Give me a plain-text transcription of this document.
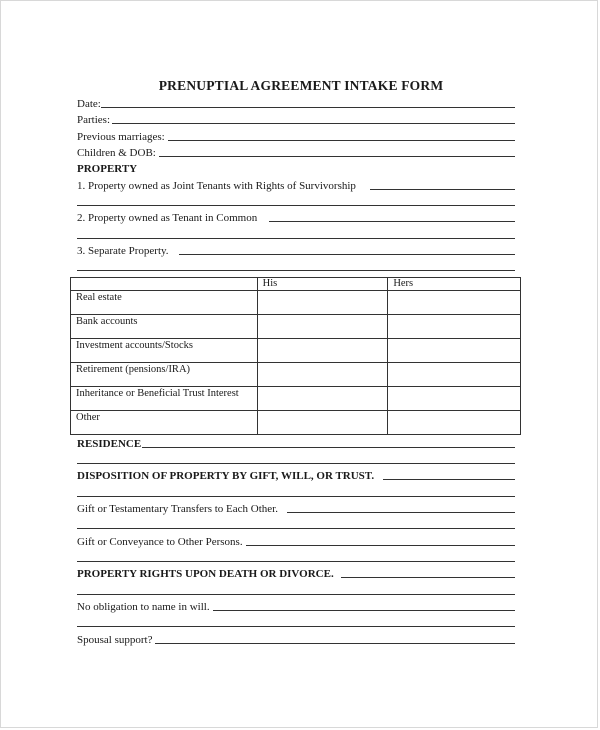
PRENUPTIAL AGREEMENT INTAKE FORM
Date:
Parties:
Previous marriages:
Children & DOB:
PROPERTY
1. Property owned as Joint Tenants with Rights of Survivorship
2. Property owned as Tenant in Common
3. Separate Property.
	His	Hers
Real estate		
Bank accounts		
Investment accounts/Stocks		
Retirement (pensions/IRA)		
Inheritance or Beneficial Trust Interest		
Other		
RESIDENCE
DISPOSITION OF PROPERTY BY GIFT, WILL, OR TRUST.
Gift or Testamentary Transfers to Each Other.
Gift or Conveyance to Other Persons.
PROPERTY RIGHTS UPON DEATH OR DIVORCE.
No obligation to name in will.
Spousal support?
